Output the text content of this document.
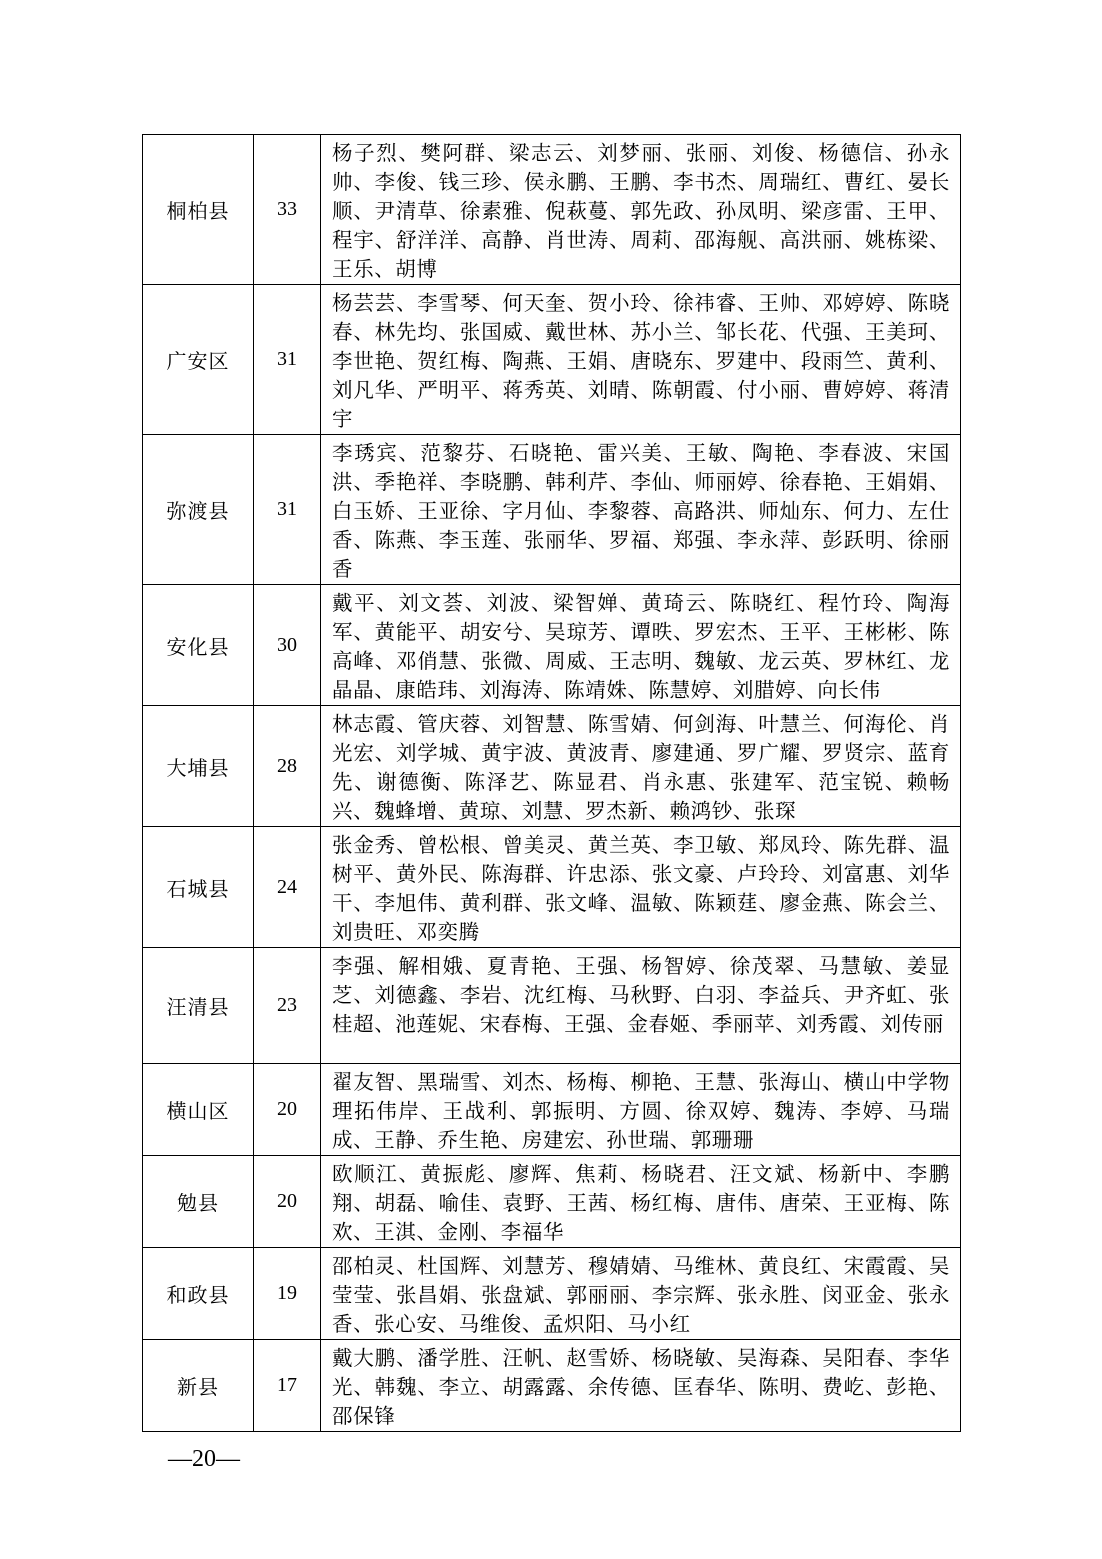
桐柏县	33	杨子烈、樊阿群、梁志云、刘梦丽、张丽、刘俊、杨德信、孙永帅、李俊、钱三珍、侯永鹏、王鹏、李书杰、周瑞红、曹红、晏长顺、尹清草、徐素雅、倪萩蔓、郭先政、孙凤明、梁彦雷、王甲、程宇、舒洋洋、高静、肖世涛、周莉、邵海舰、高洪丽、姚栋梁、王乐、胡博
广安区	31	杨芸芸、李雪琴、何天奎、贺小玲、徐祎睿、王帅、邓婷婷、陈晓春、林先均、张国威、戴世林、苏小兰、邹长花、代强、王美珂、李世艳、贺红梅、陶燕、王娟、唐晓东、罗建中、段雨竺、黄利、刘凡华、严明平、蒋秀英、刘晴、陈朝霞、付小丽、曹婷婷、蒋清宇
弥渡县	31	李琇宾、范黎芬、石晓艳、雷兴美、王敏、陶艳、李春波、宋国洪、季艳祥、李晓鹏、韩利芹、李仙、师丽婷、徐春艳、王娟娟、白玉娇、王亚徐、字月仙、李黎蓉、高路洪、师灿东、何力、左仕香、陈燕、李玉莲、张丽华、罗福、郑强、李永萍、彭跃明、徐丽香
安化县	30	戴平、刘文荟、刘波、梁智婵、黄琦云、陈晓红、程竹玲、陶海军、黄能平、胡安兮、吴琼芳、谭昳、罗宏杰、王平、王彬彬、陈高峰、邓俏慧、张微、周威、王志明、魏敏、龙云英、罗林红、龙晶晶、康皓玮、刘海涛、陈靖姝、陈慧婷、刘腊婷、向长伟
大埔县	28	林志霞、管庆蓉、刘智慧、陈雪婧、何剑海、叶慧兰、何海伦、肖光宏、刘学城、黄宇波、黄波青、廖建通、罗广耀、罗贤宗、蓝育先、谢德衡、陈泽艺、陈显君、肖永惠、张建军、范宝锐、赖畅兴、魏蜂增、黄琼、刘慧、罗杰新、赖鸿钞、张琛
石城县	24	张金秀、曾松根、曾美灵、黄兰英、李卫敏、郑凤玲、陈先群、温树平、黄外民、陈海群、许忠添、张文豪、卢玲玲、刘富惠、刘华干、李旭伟、黄利群、张文峰、温敏、陈颖莛、廖金燕、陈会兰、刘贵旺、邓奕腾
汪清县	23	李强、解相娥、夏青艳、王强、杨智婷、徐茂翠、马慧敏、姜显芝、刘德鑫、李岩、沈红梅、马秋野、白羽、李益兵、尹齐虹、张桂超、池莲妮、宋春梅、王强、金春姬、季丽苹、刘秀霞、刘传丽
横山区	20	翟友智、黑瑞雪、刘杰、杨梅、柳艳、王慧、张海山、横山中学物理拓伟岸、王战利、郭振明、方圆、徐双婷、魏涛、李婷、马瑞成、王静、乔生艳、房建宏、孙世瑞、郭珊珊
勉县	20	欧顺江、黄振彪、廖辉、焦莉、杨晓君、汪文斌、杨新中、李鹏翔、胡磊、喻佳、袁野、王茜、杨红梅、唐伟、唐荣、王亚梅、陈欢、王淇、金刚、李福华
和政县	19	邵柏灵、杜国辉、刘慧芳、穆婧婧、马维林、黄良红、宋霞霞、吴莹莹、张昌娟、张盘斌、郭丽丽、李宗辉、张永胜、闵亚金、张永香、张心安、马维俊、孟炽阳、马小红
新县	17	戴大鹏、潘学胜、汪帆、赵雪娇、杨晓敏、吴海森、吴阳春、李华光、韩魏、李立、胡露露、余传德、匡春华、陈明、费屹、彭艳、邵保锋
—20—
